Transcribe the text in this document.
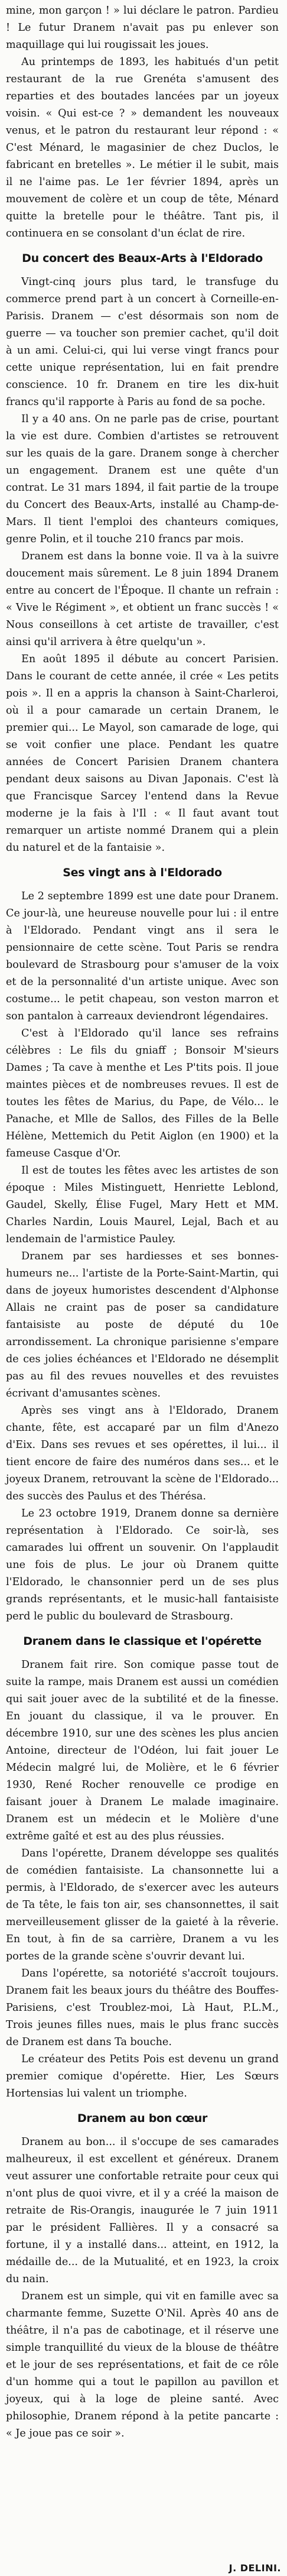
mine, mon garçon ! » lui déclare le patron. Pardieu ! Le futur Dranem n'avait pas pu enlever son maquillage qui lui rougissait les joues.

Au printemps de 1893, les habitués d'un petit restaurant de la rue Grenéta s'amusent des reparties et des boutades lancées par un joyeux voisin. « Qui est-ce ? » demandent les nouveaux venus, et le patron du restaurant leur répond : « C'est Ménard, le magasinier de chez Duclos, le fabricant en bretelles ». Le métier il le subit, mais il ne l'aime pas. Le 1er février 1894, après un mouvement de colère et un coup de tête, Ménard quitte la bretelle pour le théâtre. Tant pis, il continuera en se consolant d'un éclat de rire.

Du concert des Beaux-Arts à l'Eldorado

Vingt-cinq jours plus tard, le transfuge du commerce prend part à un concert à Corneille-en-Parisis. Dranem — c'est désormais son nom de guerre — va toucher son premier cachet, qu'il doit à un ami. Celui-ci, qui lui verse vingt francs pour cette unique représentation, lui en fait prendre conscience. 10 fr. Dranem en tire les dix-huit francs qu'il rapporte à Paris au fond de sa poche.

Il y a 40 ans. On ne parle pas de crise, pourtant la vie est dure. Combien d'artistes se retrouvent sur les quais de la gare. Dranem songe à chercher un engagement. Dranem est une quête d'un contrat. Le 31 mars 1894, il fait partie de la troupe du Concert des Beaux-Arts, installé au Champ-de-Mars. Il tient l'emploi des chanteurs comiques, genre Polin, et il touche 210 francs par mois.

Dranem est dans la bonne voie. Il va à la suivre doucement mais sûrement. Le 8 juin 1894 Dranem entre au concert de l'Époque. Il chante un refrain : « Vive le Régiment », et obtient un franc succès ! « Nous conseillons à cet artiste de travailler, c'est ainsi qu'il arrivera à être quelqu'un ».

En août 1895 il débute au concert Parisien. Dans le courant de cette année, il crée « Les petits pois ». Il en a appris la chanson à Saint-Charleroi, où il a pour camarade un certain Dranem, le premier qui... Le Mayol, son camarade de loge, qui se voit confier une place. Pendant les quatre années de Concert Parisien Dranem chantera pendant deux saisons au Divan Japonais. C'est là que Francisque Sarcey l'entend dans la Revue moderne je la fais à l'Il : « Il faut avant tout remarquer un artiste nommé Dranem qui a plein du naturel et de la fantaisie ».

Ses vingt ans à l'Eldorado

Le 2 septembre 1899 est une date pour Dranem. Ce jour-là, une heureuse nouvelle pour lui : il entre à l'Eldorado. Pendant vingt ans il sera le pensionnaire de cette scène. Tout Paris se rendra boulevard de Strasbourg pour s'amuser de la voix et de la personnalité d'un artiste unique. Avec son costume... le petit chapeau, son veston marron et son pantalon à carreaux deviendront légendaires.

C'est à l'Eldorado qu'il lance ses refrains célèbres : Le fils du gniaff ; Bonsoir M'sieurs Dames ; Ta cave à menthe et Les P'tits pois. Il joue maintes pièces et de nombreuses revues. Il est de toutes les fêtes de Marius, du Pape, de Vélo... le Panache, et Mlle de Sallos, des Filles de la Belle Hélène, Mettemich du Petit Aiglon (en 1900) et la fameuse Casque d'Or.

Il est de toutes les fêtes avec les artistes de son époque : Miles Mistinguett, Henriette Leblond, Gaudel, Skelly, Élise Fugel, Mary Hett et MM. Charles Nardin, Louis Maurel, Lejal, Bach et au lendemain de l'armistice Pauley.

Dranem par ses hardiesses et ses bonnes-humeurs ne... l'artiste de la Porte-Saint-Martin, qui dans de joyeux humoristes descendent d'Alphonse Allais ne craint pas de poser sa candidature fantaisiste au poste de député du 10e arrondissement. La chronique parisienne s'empare de ces jolies échéances et l'Eldorado ne désemplit pas au fil des revues nouvelles et des revuistes écrivant d'amusantes scènes.

Après ses vingt ans à l'Eldorado, Dranem chante, fête, est accaparé par un film d'Anezo d'Eix. Dans ses revues et ses opérettes, il lui... il tient encore de faire des numéros dans ses... et le joyeux Dranem, retrouvant la scène de l'Eldorado... des succès des Paulus et des Thérésa.

Le 23 octobre 1919, Dranem donne sa dernière représentation à l'Eldorado. Ce soir-là, ses camarades lui offrent un souvenir. On l'applaudit une fois de plus. Le jour où Dranem quitte l'Eldorado, le chansonnier perd un de ses plus grands représentants, et le music-hall fantaisiste perd le public du boulevard de Strasbourg.

Dranem dans le classique et l'opérette

Dranem fait rire. Son comique passe tout de suite la rampe, mais Dranem est aussi un comédien qui sait jouer avec de la subtilité et de la finesse. En jouant du classique, il va le prouver. En décembre 1910, sur une des scènes les plus ancien Antoine, directeur de l'Odéon, lui fait jouer Le Médecin malgré lui, de Molière, et le 6 février 1930, René Rocher renouvelle ce prodige en faisant jouer à Dranem Le malade imaginaire. Dranem est un médecin et le Molière d'une extrême gaîté et est au des plus réussies.

Dans l'opérette, Dranem développe ses qualités de comédien fantaisiste. La chansonnette lui a permis, à l'Eldorado, de s'exercer avec les auteurs de Ta tête, le fais ton air, ses chansonnettes, il sait merveilleusement glisser de la gaieté à la rêverie. En tout, à fin de sa carrière, Dranem a vu les portes de la grande scène s'ouvrir devant lui.

Dans l'opérette, sa notoriété s'accroît toujours. Dranem fait les beaux jours du théâtre des Bouffes-Parisiens, c'est Troublez-moi, Là Haut, P.L.M., Trois jeunes filles nues, mais le plus franc succès de Dranem est dans Ta bouche.

Le créateur des Petits Pois est devenu un grand premier comique d'opérette. Hier, Les Sœurs Hortensias lui valent un triomphe.

Dranem au bon cœur

Dranem au bon... il s'occupe de ses camarades malheureux, il est excellent et généreux. Dranem veut assurer une confortable retraite pour ceux qui n'ont plus de quoi vivre, et il y a créé la maison de retraite de Ris-Orangis, inaugurée le 7 juin 1911 par le président Fallières. Il y a consacré sa fortune, il y a installé dans... atteint, en 1912, la médaille de... de la Mutualité, et en 1923, la croix du nain.

Dranem est un simple, qui vit en famille avec sa charmante femme, Suzette O'Nil. Après 40 ans de théâtre, il n'a pas de cabotinage, et il réserve une simple tranquillité du vieux de la blouse de théâtre et le jour de ses représentations, et fait de ce rôle d'un homme qui a tout le papillon au pavillon et joyeux, qui à la loge de pleine santé. Avec philosophie, Dranem répond à la petite pancarte : « Je joue pas ce soir ».

J. DELINI.
